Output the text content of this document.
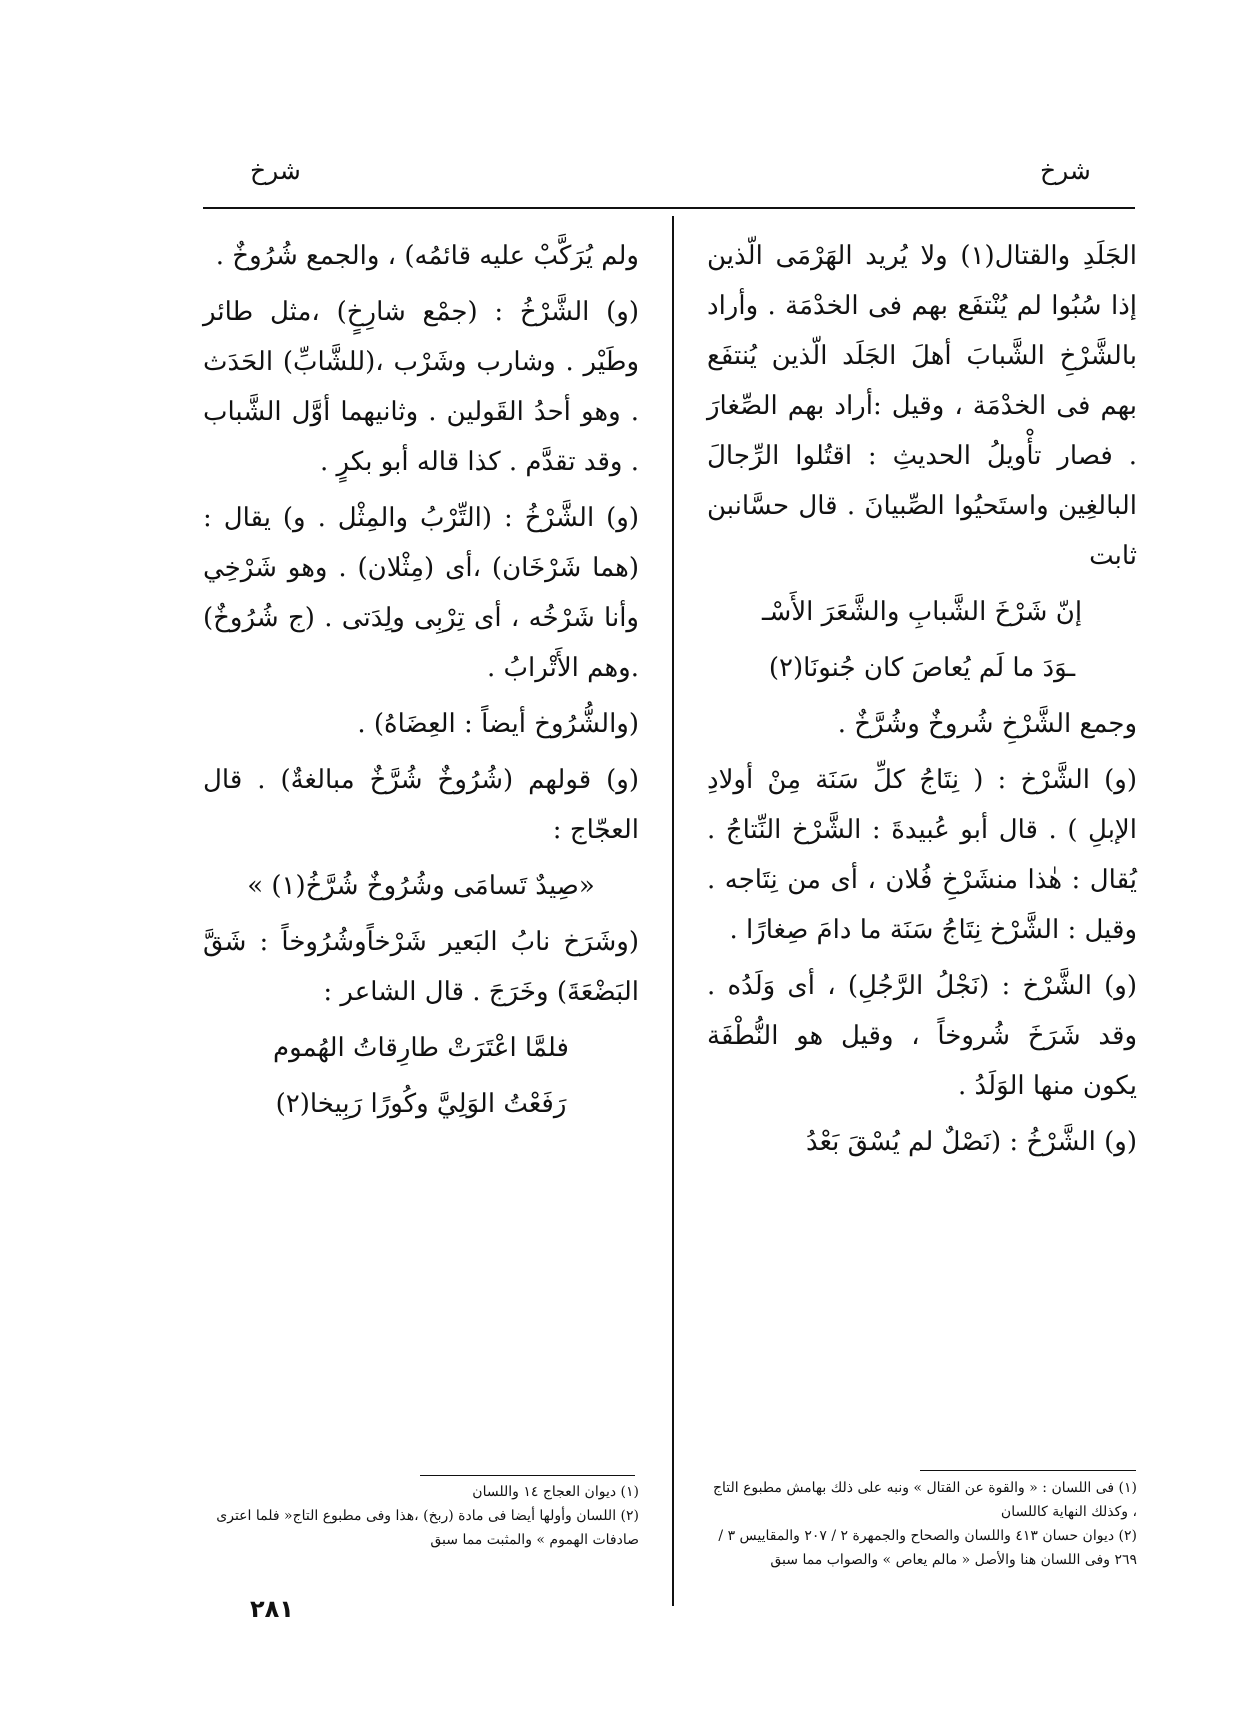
شرخ
شرخ

الجَلَدِ والقتال(١) ولا يُريد الهَرْمَى الّذين إذا سُبُوا لم يُنْتفَع بهم فى الخدْمَة . وأراد بالشَّرْخِ الشَّبابَ أهلَ الجَلَد الّذين يُنتفَع بهم فى الخدْمَة ، وقيل :أراد بهم الصِّغارَ . فصار تأْويلُ الحديثِ : اقتُلوا الرِّجالَ البالغِين واستَحيُوا الصِّبيانَ . قال حسَّانبن ثابت

إنّ شَرْخَ الشَّبابِ والشَّعَرَ الأَسْـ

ـوَدَ ما لَم يُعاصَ كان جُنونَا(٢)

وجمع الشَّرْخِ شُروخٌ وشُرَّخٌ .

(و) الشَّرْخ : ( نِتَاجُ كلِّ سَنَة مِنْ أولادِ الإبلِ ) . قال أبو عُبيدةَ : الشَّرْخ النِّتاجُ . يُقال : هٰذا منشَرْخِ فُلان ، أى من نِتَاجه . وقيل : الشَّرْخ نِتَاجُ سَنَة ما دامَ صِغارًا .

(و) الشَّرْخ : (نَجْلُ الرَّجُلِ) ، أى وَلَدُه . وقد شَرَخَ شُروخاً ، وقيل هو النُّطْفَة يكون منها الوَلَدُ .

(و) الشَّرْخُ : (نَصْلٌ لم يُسْقَ بَعْدُ

ولم يُرَكَّبْ عليه قائمُه) ، والجمع شُرُوخٌ .

(و) الشَّرْخُ : (جمْع شارِخٍ) ،مثل طائر وطَيْر . وشارب وشَرْب ،(للشَّابِّ) الحَدَث . وهو أحدُ القَولين . وثانيهما أوَّل الشَّباب . وقد تقدَّم . كذا قاله أبو بكرٍ .

(و) الشَّرْخُ : (التِّرْبُ والمِثْل . و) يقال :(هما شَرْخَان) ،أى (مِثْلان) . وهو شَرْخِي وأنا شَرْخُه ، أى تِرْبِى ولِدَتى . (ج شُرُوخٌ) .وهم الأَتْرابُ .

(والشُّرُوخ أيضاً : العِضَاهُ) .

(و) قولهم (شُرُوخٌ شُرَّخٌ مبالغةٌ) . قال العجّاج :

«صِيدٌ تَسامَى وشُرُوخٌ شُرَّخُ(١) »

(وشَرَخ نابُ البَعير شَرْخاًوشُرُوخاً : شَقَّ البَضْعَةَ) وخَرَجَ . قال الشاعر :

فلمَّا اعْتَرَتْ طارِقاتُ الهُموم

رَفَعْتُ الوَلِيَّ وكُورًا رَبِيخا(٢)

(١) فى اللسان : « والقوة عن القتال » ونبه على ذلك بهامش مطبوع التاج ، وكذلك النهاية كاللسان
(٢) ديوان حسان ٤١٣ واللسان والصحاح والجمهرة ٢ / ٢٠٧ والمقاييس ٣ / ٢٦٩ وفى اللسان هنا والأصل « مالم يعاص » والصواب مما سبق
(١) ديوان العجاج ١٤ واللسان
(٢) اللسان وأولها أيضا فى مادة (ربخ) ،هذا وفى مطبوع التاج« فلما اعترى صادفات الهموم » والمثبت مما سبق
٢٨١
